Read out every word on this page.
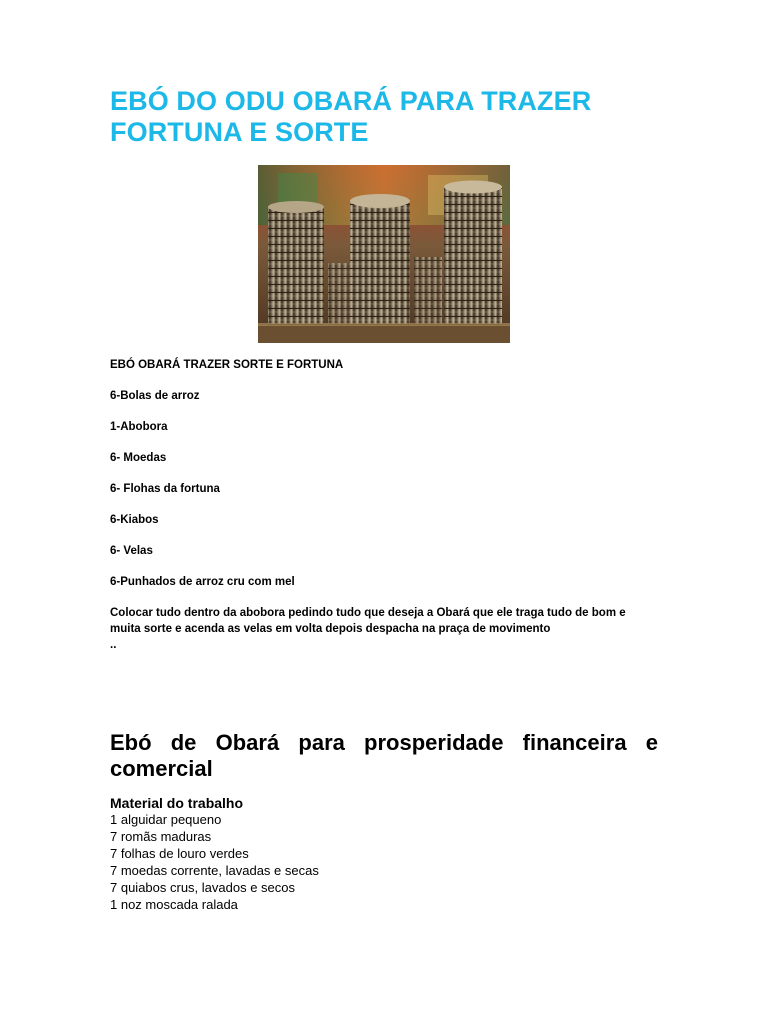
EBÓ DO ODU OBARÁ PARA TRAZER FORTUNA E SORTE
EBÓ OBARÁ TRAZER SORTE E FORTUNA
6-Bolas de arroz
1-Abobora
6- Moedas
6- Flohas da fortuna
6-Kiabos
6- Velas
6-Punhados de arroz cru com mel
Colocar tudo dentro da abobora pedindo tudo que deseja a Obará que ele traga tudo de bom e muita sorte e acenda as velas em volta depois despacha na praça de movimento
..
Ebó de Obará para prosperidade financeira e comercial
Material do trabalho
1 alguidar pequeno
7 romãs maduras
7 folhas de louro verdes
7 moedas corrente, lavadas e secas
7 quiabos crus, lavados e secos
1 noz moscada ralada
